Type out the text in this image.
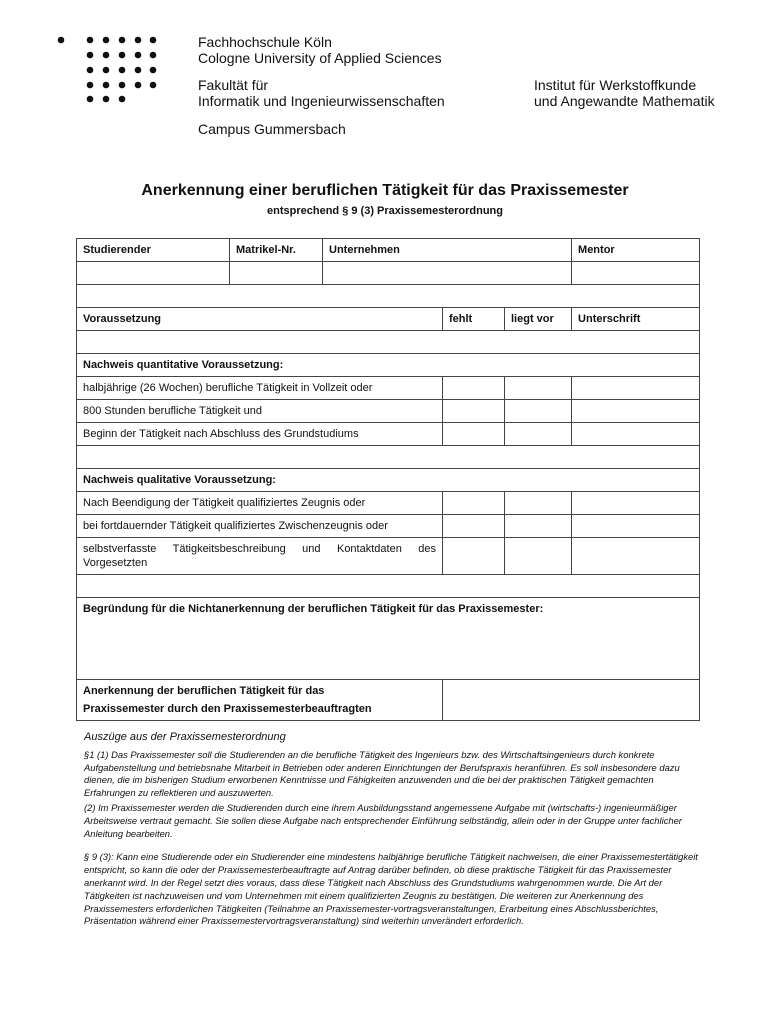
Fachhochschule Köln
Cologne University of Applied Sciences
Fakultät für
Informatik und Ingenieurwissenschaften
Institut für Werkstoffkunde
und Angewandte Mathematik
Campus Gummersbach
Anerkennung einer beruflichen Tätigkeit für das Praxissemester
entsprechend § 9 (3) Praxissemesterordnung
Studierender	Matrikel-Nr.	Unternehmen			Mentor

Voraussetzung			fehlt	liegt vor	Unterschrift

Nachweis quantitative Voraussetzung:					
halbjährige (26 Wochen) berufliche Tätigkeit in Vollzeit oder					
800 Stunden berufliche Tätigkeit und					
Beginn der Tätigkeit nach Abschluss des Grundstudiums					

Nachweis qualitative Voraussetzung:					
Nach Beendigung der Tätigkeit qualifiziertes Zeugnis oder					
bei fortdauernder Tätigkeit qualifiziertes Zwischenzeugnis oder					
selbstverfasste Tätigkeitsbeschreibung und Kontaktdaten des Vorgesetzten					

Begründung für die Nichtanerkennung der beruflichen Tätigkeit für das Praxissemester:					

Anerkennung der beruflichen Tätigkeit für das
Praxissemester durch den Praxissemesterbeauftragten					

Auszüge aus der Praxissemesterordnung

§1 (1) Das Praxissemester soll die Studierenden an die berufliche Tätigkeit des Ingenieurs bzw. des Wirtschaftsingenieurs durch konkrete Aufgabenstellung und betriebsnahe Mitarbeit in Betrieben oder anderen Einrichtungen der Berufspraxis heranführen. Es soll insbesondere dazu dienen, die im bisherigen Studium erworbenen Kenntnisse und Fähigkeiten anzuwenden und die bei der praktischen Tätigkeit gemachten Erfahrungen zu reflektieren und auszuwerten.

(2) Im Praxissemester werden die Studierenden durch eine ihrem Ausbildungsstand angemessene Aufgabe mit (wirtschafts-) ingenieurmäßiger Arbeitsweise vertraut gemacht. Sie sollen diese Aufgabe nach entsprechender Einführung selbständig, allein oder in der Gruppe unter fachlicher Anleitung bearbeiten.

§ 9 (3): Kann eine Studierende oder ein Studierender eine mindestens halbjährige berufliche Tätigkeit nachweisen, die einer Praxissemestertätigkeit entspricht, so kann die oder der Praxissemesterbeauftragte auf Antrag darüber befinden, ob diese praktische Tätigkeit für das Praxissemester anerkannt wird. In der Regel setzt dies voraus, dass diese Tätigkeit nach Abschluss des Grundstudiums wahrgenommen wurde. Die Art der Tätigkeiten ist nachzuweisen und vom Unternehmen mit einem qualifizierten Zeugnis zu bestätigen. Die weiteren zur Anerkennung des Praxissemesters erforderlichen Tätigkeiten (Teilnahme an Praxissemester-vortragsveranstaltungen, Erarbeitung eines Abschlussberichtes, Präsentation während einer Praxissemestervortragsveranstaltung) sind weiterhin unverändert erforderlich.
